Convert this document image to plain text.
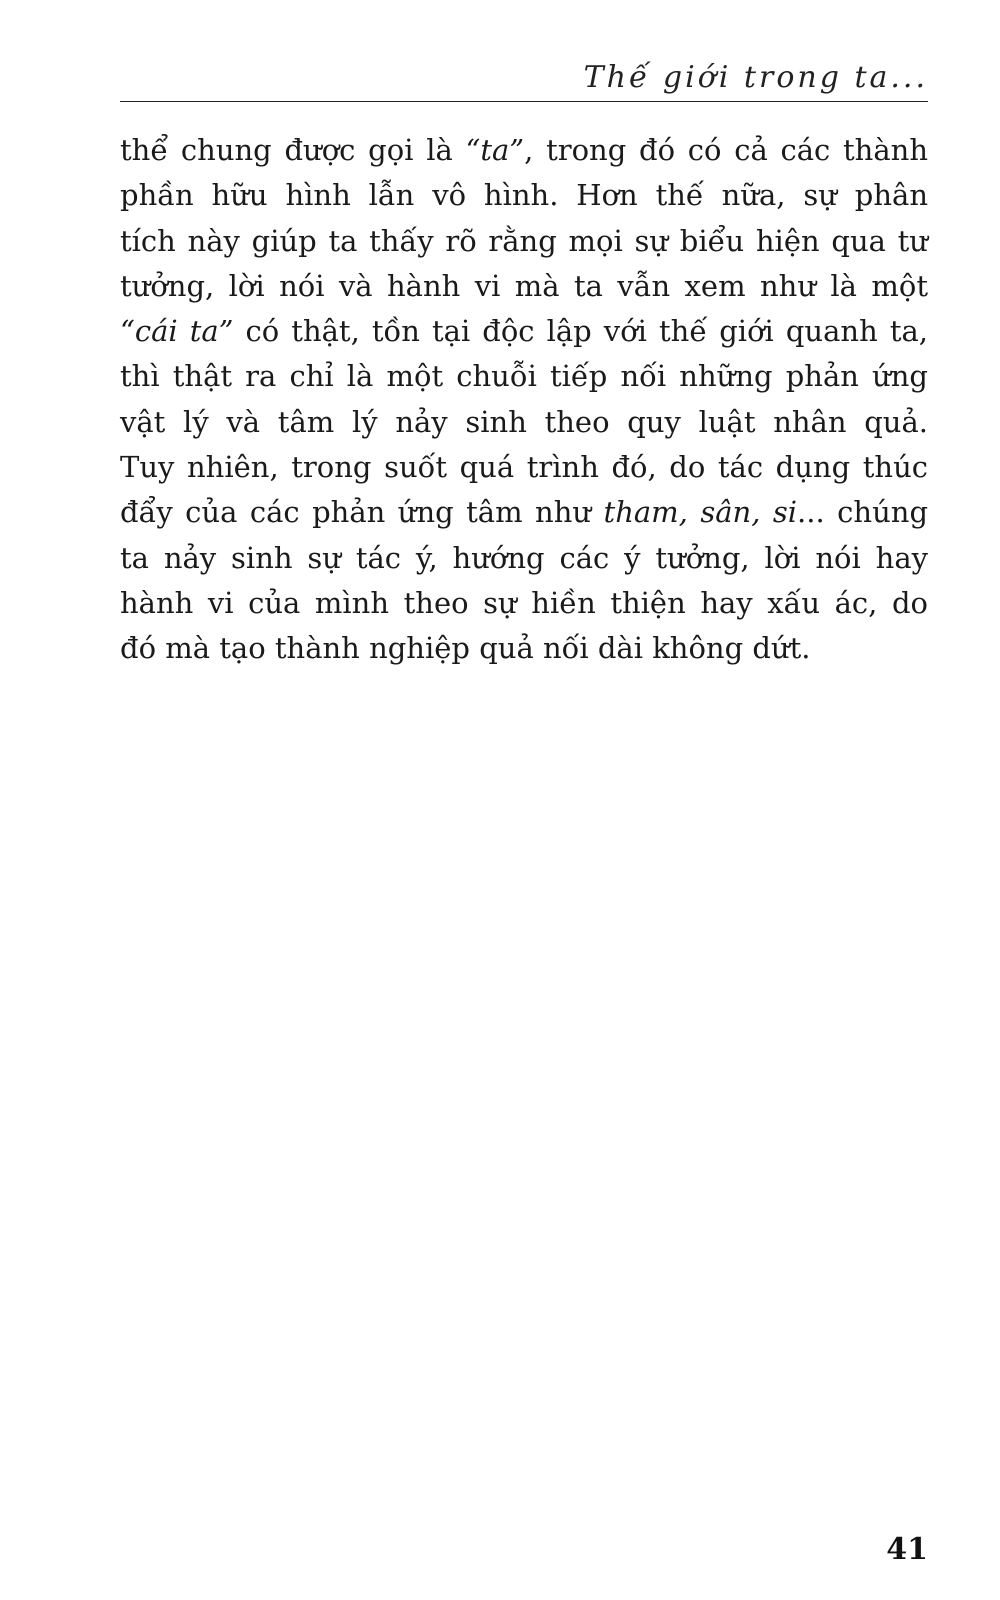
Thế giới trong ta...
thể chung được gọi là “ta”, trong đó có cả các thành
phần hữu hình lẫn vô hình. Hơn thế nữa, sự phân
tích này giúp ta thấy rõ rằng mọi sự biểu hiện qua tư
tưởng, lời nói và hành vi mà ta vẫn xem như là một
“cái ta” có thật, tồn tại độc lập với thế giới quanh ta,
thì thật ra chỉ là một chuỗi tiếp nối những phản ứng
vật lý và tâm lý nảy sinh theo quy luật nhân quả.
Tuy nhiên, trong suốt quá trình đó, do tác dụng thúc
đẩy của các phản ứng tâm như tham, sân, si... chúng
ta nảy sinh sự tác ý, hướng các ý tưởng, lời nói hay
hành vi của mình theo sự hiền thiện hay xấu ác, do
đó mà tạo thành nghiệp quả nối dài không dứt.
41
